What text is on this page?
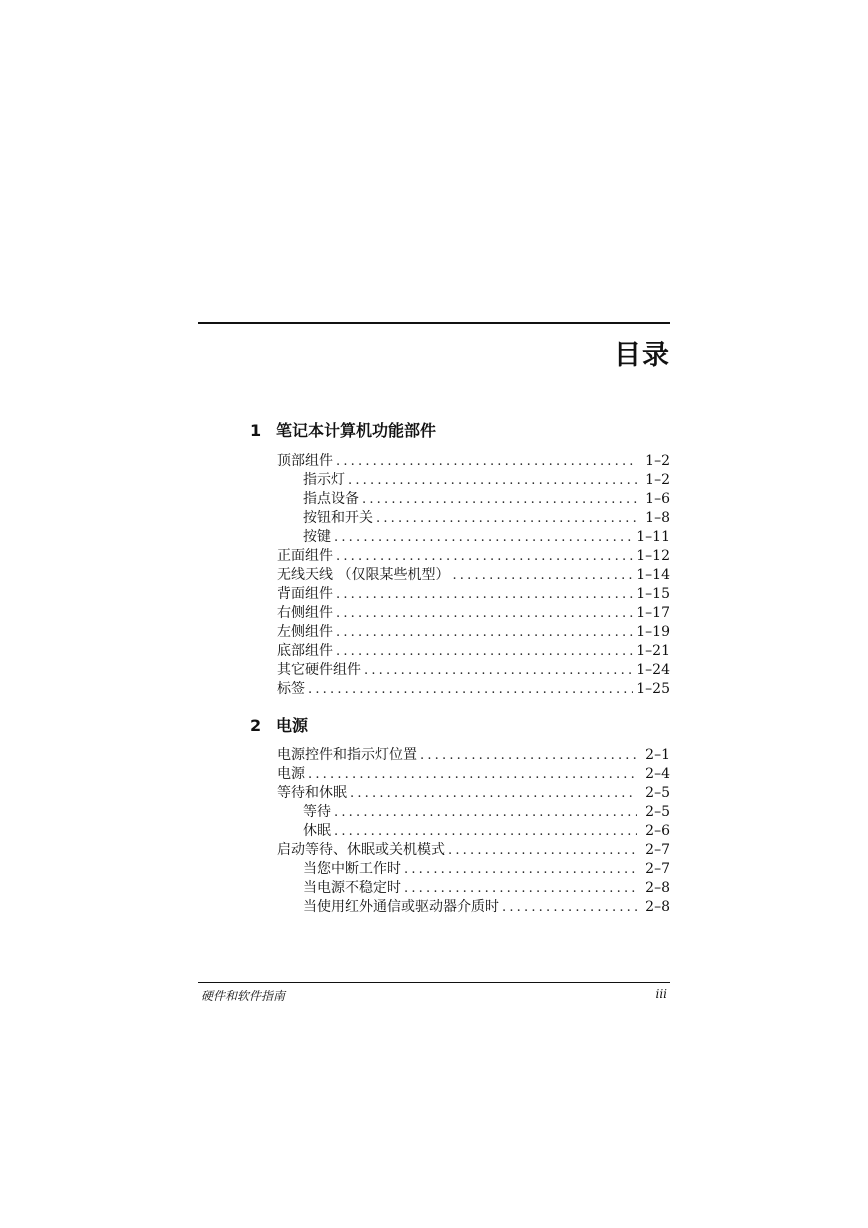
目录
1 笔记本计算机功能部件
顶部组件 .....	1–2
指示灯 .....	1–2
指点设备 .....	1–6
按钮和开关 .....	1–8
按键 .....	1–11
正面组件 .....	1–12
无线天线 （仅限某些机型） .....	1–14
背面组件 .....	1–15
右侧组件 .....	1–17
左侧组件 .....	1–19
底部组件 .....	1–21
其它硬件组件 .....	1–24
标签 .....	1–25
2 电源
电源控件和指示灯位置 .....	2–1
电源 .....	2–4
等待和休眠 .....	2–5
等待 .....	2–5
休眠 .....	2–6
启动等待、休眠或关机模式 .....	2–7
当您中断工作时 .....	2–7
当电源不稳定时 .....	2–8
当使用红外通信或驱动器介质时 .....	2–8
硬件和软件指南	iii
